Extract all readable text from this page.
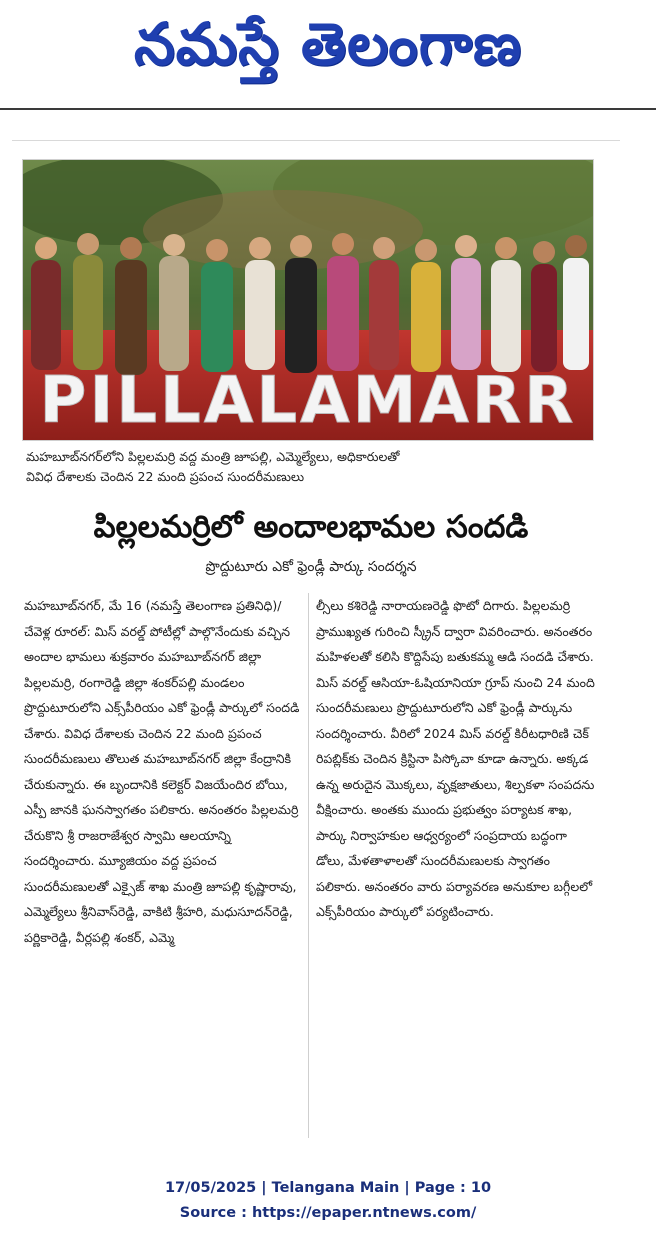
నమస్తే తెలంగాణ
PILLALAMARR
మహబూబ్‌నగర్‌లోని పిల్లలమర్రి వద్ద మంత్రి జూపల్లి, ఎమ్మెల్యేలు, అధికారులతో
వివిధ దేశాలకు చెందిన 22 మంది ప్రపంచ సుందరీమణులు
పిల్లలమర్రిలో అందాలభామల సందడి
ప్రొద్దుటూరు ఎకో ఫ్రెండ్లీ పార్కు సందర్శన

మహబూబ్‌నగర్, మే 16 (నమస్తే తెలంగాణ ప్రతినిధి)/చేవెళ్ల రూరల్: మిస్ వరల్డ్ పోటీల్లో పాల్గొనేందుకు వచ్చిన అందాల భామలు శుక్రవారం మహబూబ్‌నగర్ జిల్లా పిల్లలమర్రి, రంగారెడ్డి జిల్లా శంకర్‌పల్లి మండలం ప్రొద్దుటూరులోని ఎక్స్‌పీరియం ఎకో ఫ్రెండ్లీ పార్కులో సందడి చేశారు. వివిధ దేశాలకు చెందిన 22 మంది ప్రపంచ సుందరీమణులు తొలుత మహబూబ్‌నగర్ జిల్లా కేంద్రానికి చేరుకున్నారు. ఈ బృందానికి కలెక్టర్ విజయేందిర బోయి, ఎస్పీ జానకి ఘనస్వాగతం పలికారు. అనంతరం పిల్లలమర్రి చేరుకొని శ్రీ రాజరాజేశ్వర స్వామి ఆలయాన్ని సందర్శించారు. మ్యూజియం వద్ద ప్రపంచ సుందరీమణులతో ఎక్సైజ్ శాఖ మంత్రి జూపల్లి కృష్ణారావు, ఎమ్మెల్యేలు శ్రీనివాస్‌రెడ్డి, వాకిటి శ్రీహరి, మధుసూదన్‌రెడ్డి, పర్ణికారెడ్డి, వీర్లపల్లి శంకర్, ఎమ్మె

ల్సీలు కశిరెడ్డి నారాయణరెడ్డి ఫొటో దిగారు. పిల్లలమర్రి ప్రాముఖ్యత గురించి స్క్రీన్ ద్వారా వివరించారు. అనంతరం మహిళలతో కలిసి కొద్దిసేపు బతుకమ్మ ఆడి సందడి చేశారు. మిస్ వరల్డ్ ఆసియా-ఓషియానియా గ్రూప్ నుంచి 24 మంది సుందరీమణులు ప్రొద్దుటూరులోని ఎకో ఫ్రెండ్లీ పార్కును సందర్శించారు. వీరిలో 2024 మిస్ వరల్డ్ కిరీటధారిణి చెక్ రిపబ్లిక్‌కు చెందిన క్రిస్టినా పిస్కోవా కూడా ఉన్నారు. అక్కడ ఉన్న అరుదైన మొక్కలు, వృక్షజాతులు, శిల్పకళా సంపదను వీక్షించారు. అంతకు ముందు ప్రభుత్వం పర్యాటక శాఖ, పార్కు నిర్వాహకుల ఆధ్వర్యంలో సంప్రదాయ బద్ధంగా డోలు, మేళతాళాలతో సుందరీమణులకు స్వాగతం పలికారు. అనంతరం వారు పర్యావరణ అనుకూల బగ్గీలలో ఎక్స్‌పీరియం పార్కులో పర్యటించారు.

17/05/2025 | Telangana Main | Page : 10
Source : https://epaper.ntnews.com/
